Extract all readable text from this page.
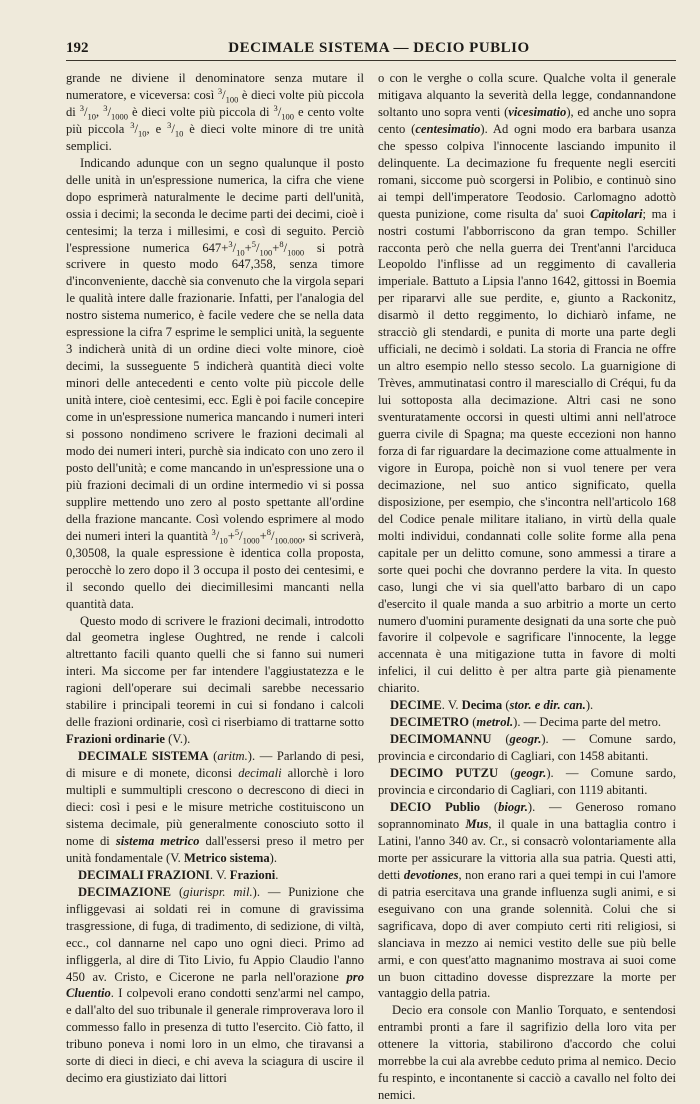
192	DECIMALE SISTEMA — DECIO PUBLIO

grande ne diviene il denominatore senza mutare il numeratore, e viceversa: così $^3/_{100}$ è dieci volte più piccola di $^3/_{10}$, $^3/_{1000}$ è dieci volte più piccola di $^3/_{100}$ e cento volte più piccola $^3/_{10}$, e $^3/_{10}$ è dieci volte minore di tre unità semplici.

Indicando adunque con un segno qualunque il posto delle unità in un'espressione numerica, la cifra che viene dopo esprimerà naturalmente le decime parti dell'unità, ossia i decimi; la seconda le decime parti dei decimi, cioè i centesimi; la terza i millesimi, e così di seguito. Perciò l'espressione numerica $647+^3/_{10}+^5/_{100}+^8/_{1000}$ si potrà scrivere in questo modo 647,358, senza timore d'inconveniente, dacchè sia convenuto che la virgola separi le qualità intere dalle frazionarie. Infatti, per l'analogia del nostro sistema numerico, è facile vedere che se nella data espressione la cifra 7 esprime le semplici unità, la seguente 3 indicherà unità di un ordine dieci volte minore, cioè decimi, la susseguente 5 indicherà quantità dieci volte minori delle antecedenti e cento volte più piccole delle unità intere, cioè centesimi, ecc. Egli è poi facile concepire come in un'espressione numerica mancando i numeri interi si possono nondimeno scrivere le frazioni decimali al modo dei numeri interi, purchè sia indicato con uno zero il posto dell'unità; e come mancando in un'espressione una o più frazioni decimali di un ordine intermedio vi si possa supplire mettendo uno zero al posto spettante all'ordine della frazione mancante. Così volendo esprimere al modo dei numeri interi la quantità $^3/_{10}+^5/_{1000}+^8/_{100.000}$, si scriverà, 0,30508, la quale espressione è identica colla proposta, perocchè lo zero dopo il 3 occupa il posto dei centesimi, e il secondo quello dei diecimillesimi mancanti nella quantità data.

Questo modo di scrivere le frazioni decimali, introdotto dal geometra inglese Oughtred, ne rende i calcoli altrettanto facili quanto quelli che si fanno sui numeri interi. Ma siccome per far intendere l'aggiustatezza e le ragioni dell'operare sui decimali sarebbe necessario stabilire i principali teoremi in cui si fondano i calcoli delle frazioni ordinarie, così ci riserbiamo di trattarne sotto Frazioni ordinarie (V.).

DECIMALE SISTEMA (aritm.). — Parlando di pesi, di misure e di monete, diconsi decimali allorchè i loro multipli e summultipli crescono o decrescono di dieci in dieci: così i pesi e le misure metriche costituiscono un sistema decimale, più generalmente conosciuto sotto il nome di sistema metrico dall'essersi preso il metro per unità fondamentale (V. Metrico sistema).

DECIMALI FRAZIONI. V. Frazioni.

DECIMAZIONE (giurispr. mil.). — Punizione che infliggevasi ai soldati rei in comune di gravissima trasgressione, di fuga, di tradimento, di sedizione, di viltà, ecc., col dannarne nel capo uno ogni dieci. Primo ad infliggerla, al dire di Tito Livio, fu Appio Claudio l'anno 450 av. Cristo, e Cicerone ne parla nell'orazione pro Cluentio. I colpevoli erano condotti senz'armi nel campo, e dall'alto del suo tribunale il generale rimproverava loro il commesso fallo in presenza di tutto l'esercito. Ciò fatto, il tribuno poneva i nomi loro in un elmo, che tiravansi a sorte di dieci in dieci, e chi aveva la sciagura di uscire il decimo era giustiziato dai littori

o con le verghe o colla scure. Qualche volta il generale mitigava alquanto la severità della legge, condannandone soltanto uno sopra venti (vicesimatio), ed anche uno sopra cento (centesimatio). Ad ogni modo era barbara usanza che spesso colpiva l'innocente lasciando impunito il delinquente. La decimazione fu frequente negli eserciti romani, siccome può scorgersi in Polibio, e continuò sino ai tempi dell'imperatore Teodosio. Carlomagno adottò questa punizione, come risulta da' suoi Capitolari; ma i nostri costumi l'abborriscono da gran tempo. Schiller racconta però che nella guerra dei Trent'anni l'arciduca Leopoldo l'inflisse ad un reggimento di cavalleria imperiale. Battuto a Lipsia l'anno 1642, gittossi in Boemia per ripararvi alle sue perdite, e, giunto a Rackonitz, disarmò il detto reggimento, lo dichiarò infame, ne stracciò gli stendardi, e punita di morte una parte degli ufficiali, ne decimò i soldati. La storia di Francia ne offre un altro esempio nello stesso secolo. La guarnigione di Trèves, ammutinatasi contro il maresciallo di Créqui, fu da lui sottoposta alla decimazione. Altri casi ne sono sventuratamente occorsi in questi ultimi anni nell'atroce guerra civile di Spagna; ma queste eccezioni non hanno forza di far riguardare la decimazione come attualmente in vigore in Europa, poichè non si vuol tenere per vera decimazione, nel suo antico significato, quella disposizione, per esempio, che s'incontra nell'articolo 168 del Codice penale militare italiano, in virtù della quale molti individui, condannati colle solite forme alla pena capitale per un delitto comune, sono ammessi a tirare a sorte quei pochi che dovranno perdere la vita. In questo caso, lungi che vi sia quell'atto barbaro di un capo d'esercito il quale manda a suo arbitrio a morte un certo numero d'uomini puramente designati da una sorte che può favorire il colpevole e sagrificare l'innocente, la legge accennata è una mitigazione tutta in favore di molti infelici, il cui delitto è per altra parte già pienamente chiarito.

DECIME. V. Decima (stor. e dir. can.).

DECIMETRO (metrol.). — Decima parte del metro.

DECIMOMANNU (geogr.). — Comune sardo, provincia e circondario di Cagliari, con 1458 abitanti.

DECIMO PUTZU (geogr.). — Comune sardo, provincia e circondario di Cagliari, con 1119 abitanti.

DECIO Publio (biogr.). — Generoso romano soprannominato Mus, il quale in una battaglia contro i Latini, l'anno 340 av. Cr., si consacrò volontariamente alla morte per assicurare la vittoria alla sua patria. Questi atti, detti devotiones, non erano rari a quei tempi in cui l'amore di patria esercitava una grande influenza sugli animi, e si eseguivano con una grande solennità. Colui che si sagrificava, dopo di aver compiuto certi riti religiosi, si slanciava in mezzo ai nemici vestito delle sue più belle armi, e con quest'atto magnanimo mostrava ai suoi come un buon cittadino dovesse disprezzare la morte per vantaggio della patria.

Decio era console con Manlio Torquato, e sentendosi entrambi pronti a fare il sagrifizio della loro vita per ottenere la vittoria, stabilirono d'accordo che colui morrebbe la cui ala avrebbe ceduto prima al nemico. Decio fu respinto, e incontanente si cacciò a cavallo nel folto dei nemici.
